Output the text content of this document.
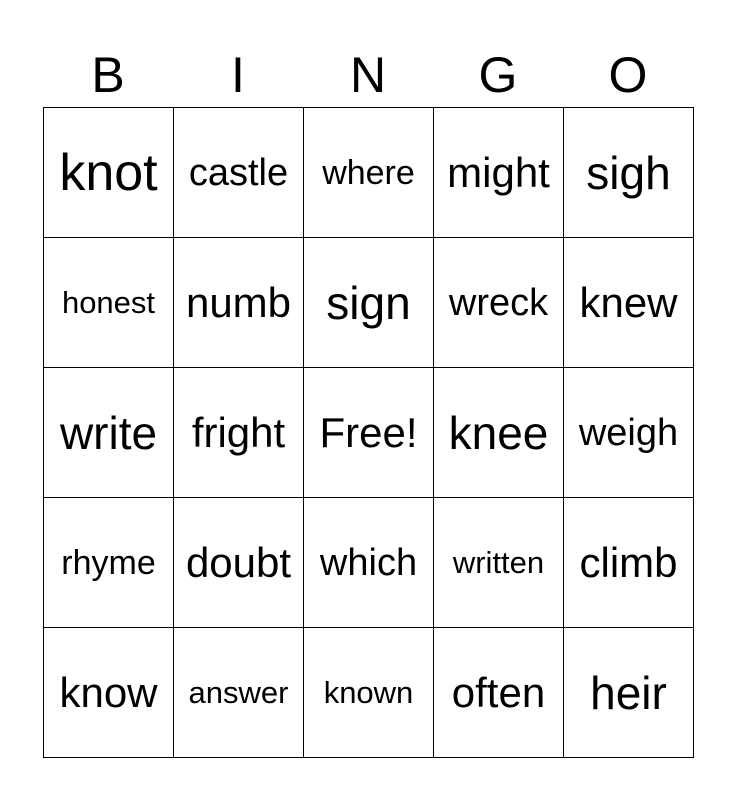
B	I	N	G	O
knot castle	where might sigh
honest numb sign	wreck knew
write fright Free! knee weigh
rhyme doubt which	written climb
know	answer	known often heir
